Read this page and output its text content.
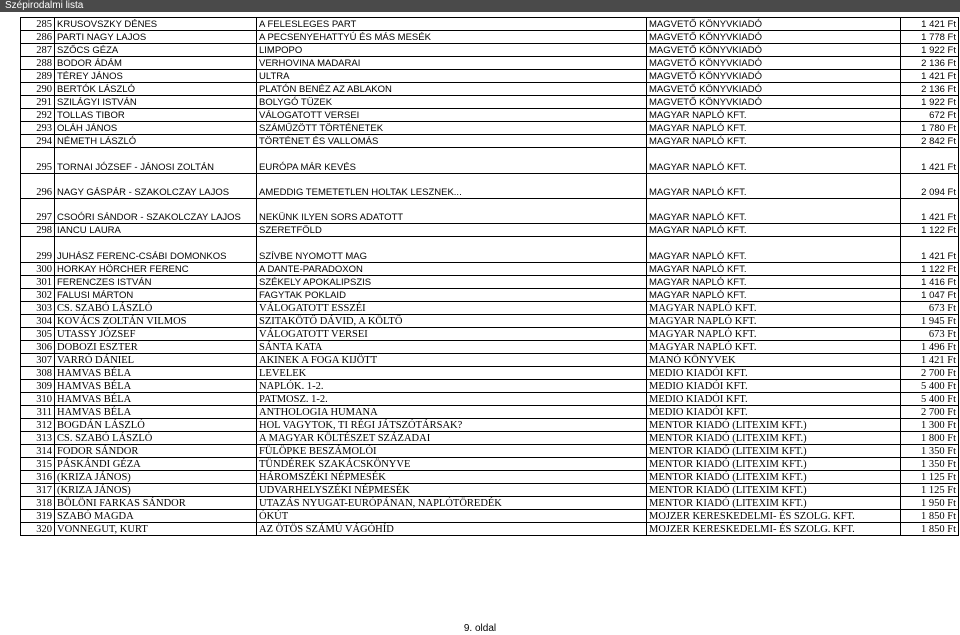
Szépirodalmi lista
285	KRUSOVSZKY DÉNES	A FELESLEGES PART	MAGVETŐ KÖNYVKIADÓ	1 421 Ft
286	PARTI NAGY LAJOS	A PECSENYEHATTYÚ ÉS MÁS MESÉK	MAGVETŐ KÖNYVKIADÓ	1 778 Ft
287	SZŐCS GÉZA	LIMPOPO	MAGVETŐ KÖNYVKIADÓ	1 922 Ft
288	BODOR ÁDÁM	VERHOVINA MADARAI	MAGVETŐ KÖNYVKIADÓ	2 136 Ft
289	TÉREY JÁNOS	ULTRA	MAGVETŐ KÖNYVKIADÓ	1 421 Ft
290	BERTÓK LÁSZLÓ	PLATÓN BENÉZ AZ ABLAKON	MAGVETŐ KÖNYVKIADÓ	2 136 Ft
291	SZILÁGYI ISTVÁN	BOLYGÓ TÜZEK	MAGVETŐ KÖNYVKIADÓ	1 922 Ft
292	TOLLAS TIBOR	VÁLOGATOTT VERSEI	MAGYAR NAPLÓ KFT.	672 Ft
293	OLÁH JÁNOS	SZÁMŰZÖTT TÖRTÉNETEK	MAGYAR NAPLÓ KFT.	1 780 Ft
294	NÉMETH LÁSZLÓ	TÖRTÉNET ÉS VALLOMÁS	MAGYAR NAPLÓ KFT.	2 842 Ft
295	TORNAI JÓZSEF - JÁNOSI ZOLTÁN	EURÓPA MÁR KEVÉS	MAGYAR NAPLÓ KFT.	1 421 Ft
296	NAGY GÁSPÁR - SZAKOLCZAY LAJOS	AMEDDIG TEMETETLEN HOLTAK LESZNEK...	MAGYAR NAPLÓ KFT.	2 094 Ft
297	CSOÓRI SÁNDOR - SZAKOLCZAY LAJOS	NEKÜNK ILYEN SORS ADATOTT	MAGYAR NAPLÓ KFT.	1 421 Ft
298	IANCU LAURA	SZERETFÖLD	MAGYAR NAPLÓ KFT.	1 122 Ft
299	JUHÁSZ FERENC-CSÁBI DOMONKOS	SZÍVBE NYOMOTT MAG	MAGYAR NAPLÓ KFT.	1 421 Ft
300	HORKAY HÖRCHER FERENC	A DANTE-PARADOXON	MAGYAR NAPLÓ KFT.	1 122 Ft
301	FERENCZES ISTVÁN	SZÉKELY APOKALIPSZIS	MAGYAR NAPLÓ KFT.	1 416 Ft
302	FALUSI MÁRTON	FAGYTAK POKLAID	MAGYAR NAPLÓ KFT.	1 047 Ft
303	CS. SZABÓ LÁSZLÓ	VÁLOGATOTT ESSZÉI	MAGYAR NAPLÓ KFT.	673 Ft
304	KOVÁCS ZOLTÁN VILMOS	SZITAKÖTŐ DÁVID, A KÖLTŐ	MAGYAR NAPLÓ KFT.	1 945 Ft
305	UTASSY JÓZSEF	VÁLOGATOTT VERSEI	MAGYAR NAPLÓ KFT.	673 Ft
306	DOBOZI ESZTER	SÁNTA KATA	MAGYAR NAPLÓ KFT.	1 496 Ft
307	VARRÓ DÁNIEL	AKINEK A FOGA KIJÖTT	MANÓ KÖNYVEK	1 421 Ft
308	HAMVAS BÉLA	LEVELEK	MEDIO KIADÓI KFT.	2 700 Ft
309	HAMVAS BÉLA	NAPLÓK. 1-2.	MEDIO KIADÓI KFT.	5 400 Ft
310	HAMVAS BÉLA	PATMOSZ. 1-2.	MEDIO KIADÓI KFT.	5 400 Ft
311	HAMVAS BÉLA	ANTHOLOGIA HUMANA	MEDIO KIADÓI KFT.	2 700 Ft
312	BOGDÁN LÁSZLÓ	HOL VAGYTOK, TI RÉGI JÁTSZÓTÁRSAK?	MENTOR KIADÓ (LITEXIM KFT.)	1 300 Ft
313	CS. SZABÓ LÁSZLÓ	A MAGYAR KÖLTÉSZET SZÁZADAI	MENTOR KIADÓ (LITEXIM KFT.)	1 800 Ft
314	FODOR SÁNDOR	FÜLÖPKE BESZÁMOLÓI	MENTOR KIADÓ (LITEXIM KFT.)	1 350 Ft
315	PÁSKÁNDI GÉZA	TÜNDÉREK SZAKÁCSKÖNYVE	MENTOR KIADÓ (LITEXIM KFT.)	1 350 Ft
316	(KRIZA JÁNOS)	HÁROMSZÉKI NÉPMESÉK	MENTOR KIADÓ (LITEXIM KFT.)	1 125 Ft
317	(KRIZA JÁNOS)	UDVARHELYSZÉKI NÉPMESÉK	MENTOR KIADÓ (LITEXIM KFT.)	1 125 Ft
318	BÖLÖNI FARKAS SÁNDOR	UTAZÁS NYUGAT-EURÓPÁNAN, NAPLÓTÖREDÉK	MENTOR KIADÓ (LITEXIM KFT.)	1 950 Ft
319	SZABÓ MAGDA	ÓKÚT	MOJZER KERESKEDELMI- ÉS SZOLG. KFT.	1 850 Ft
320	VONNEGUT, KURT	AZ ÖTÖS SZÁMÚ VÁGÓHÍD	MOJZER KERESKEDELMI- ÉS SZOLG. KFT.	1 850 Ft
9. oldal
